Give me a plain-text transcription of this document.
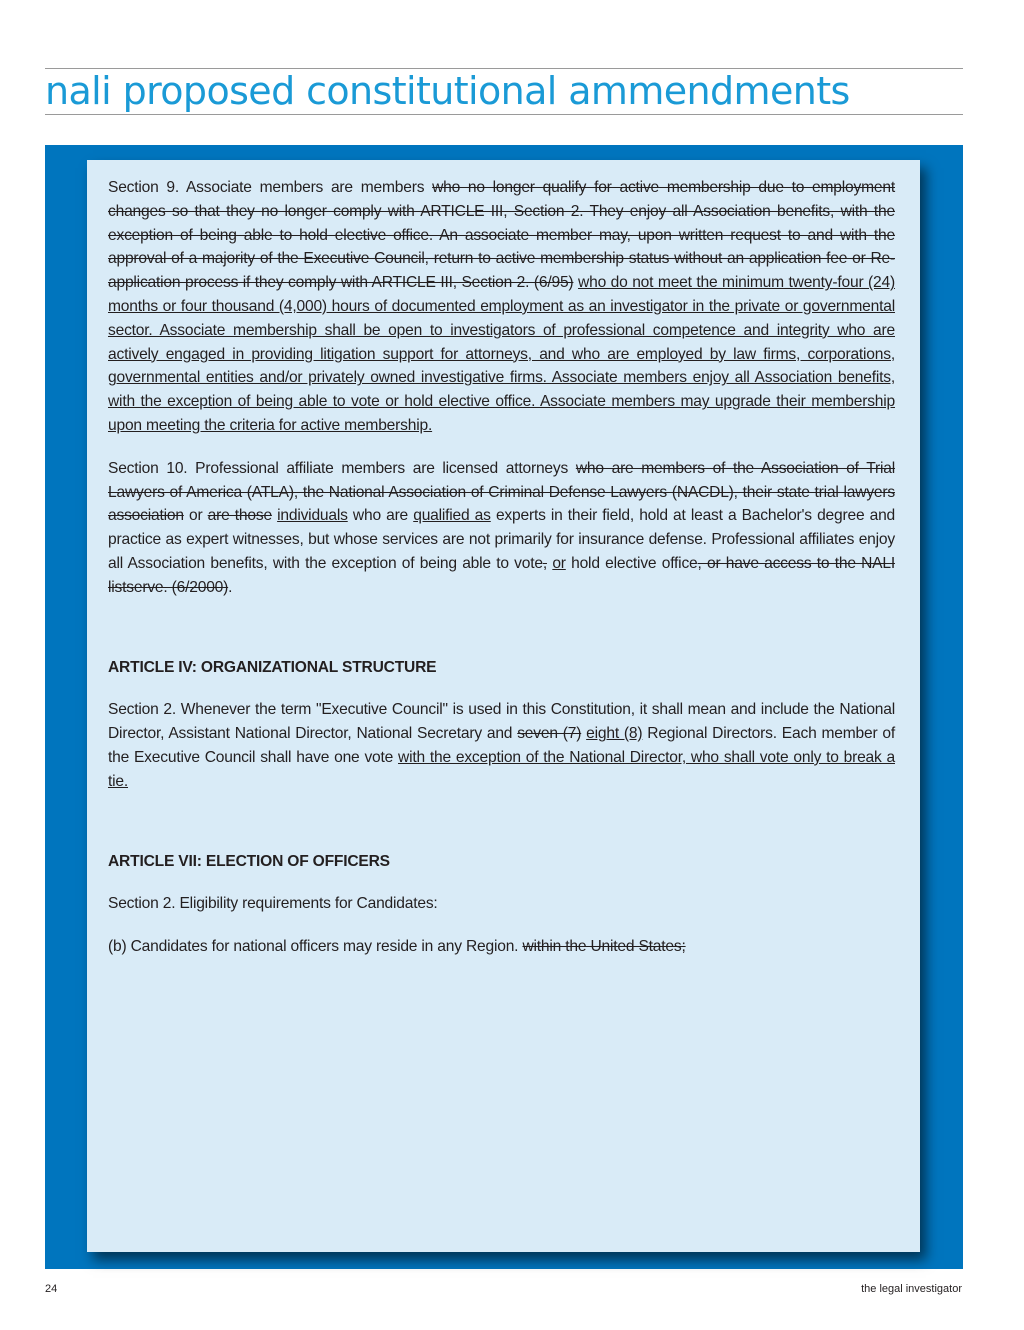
nali proposed constitutional ammendments

Section 9. Associate members are members who no longer qualify for active membership due to employment changes so that they no longer comply with ARTICLE III, Section 2. They enjoy all Association benefits, with the exception of being able to hold elective office. An associate member may, upon written request to and with the approval of a majority of the Executive Council, return to active membership status without an application fee or Re-application process if they comply with ARTICLE III, Section 2. (6/95) who do not meet the minimum twenty-four (24) months or four thousand (4,000) hours of documented employment as an investigator in the private or governmental sector. Associate membership shall be open to investigators of professional competence and integrity who are actively engaged in providing litigation support for attorneys, and who are employed by law firms, corporations, governmental entities and/or privately owned investigative firms. Associate members enjoy all Association benefits, with the exception of being able to vote or hold elective office. Associate members may upgrade their membership upon meeting the criteria for active membership.

Section 10. Professional affiliate members are licensed attorneys who are members of the Association of Trial Lawyers of America (ATLA), the National Association of Criminal Defense Lawyers (NACDL), their state trial lawyers association or are those individuals who are qualified as experts in their field, hold at least a Bachelor's degree and practice as expert witnesses, but whose services are not primarily for insurance defense. Professional affiliates enjoy all Association benefits, with the exception of being able to vote, or hold elective office, or have access to the NALI listserve. (6/2000).

ARTICLE IV: ORGANIZATIONAL STRUCTURE

Section 2. Whenever the term "Executive Council" is used in this Constitution, it shall mean and include the National Director, Assistant National Director, National Secretary and seven (7) eight (8) Regional Directors. Each member of the Executive Council shall have one vote with the exception of the National Director, who shall vote only to break a tie.

ARTICLE VII: ELECTION OF OFFICERS

Section 2. Eligibility requirements for Candidates:

(b) Candidates for national officers may reside in any Region. within the United States;

24	the legal investigator
